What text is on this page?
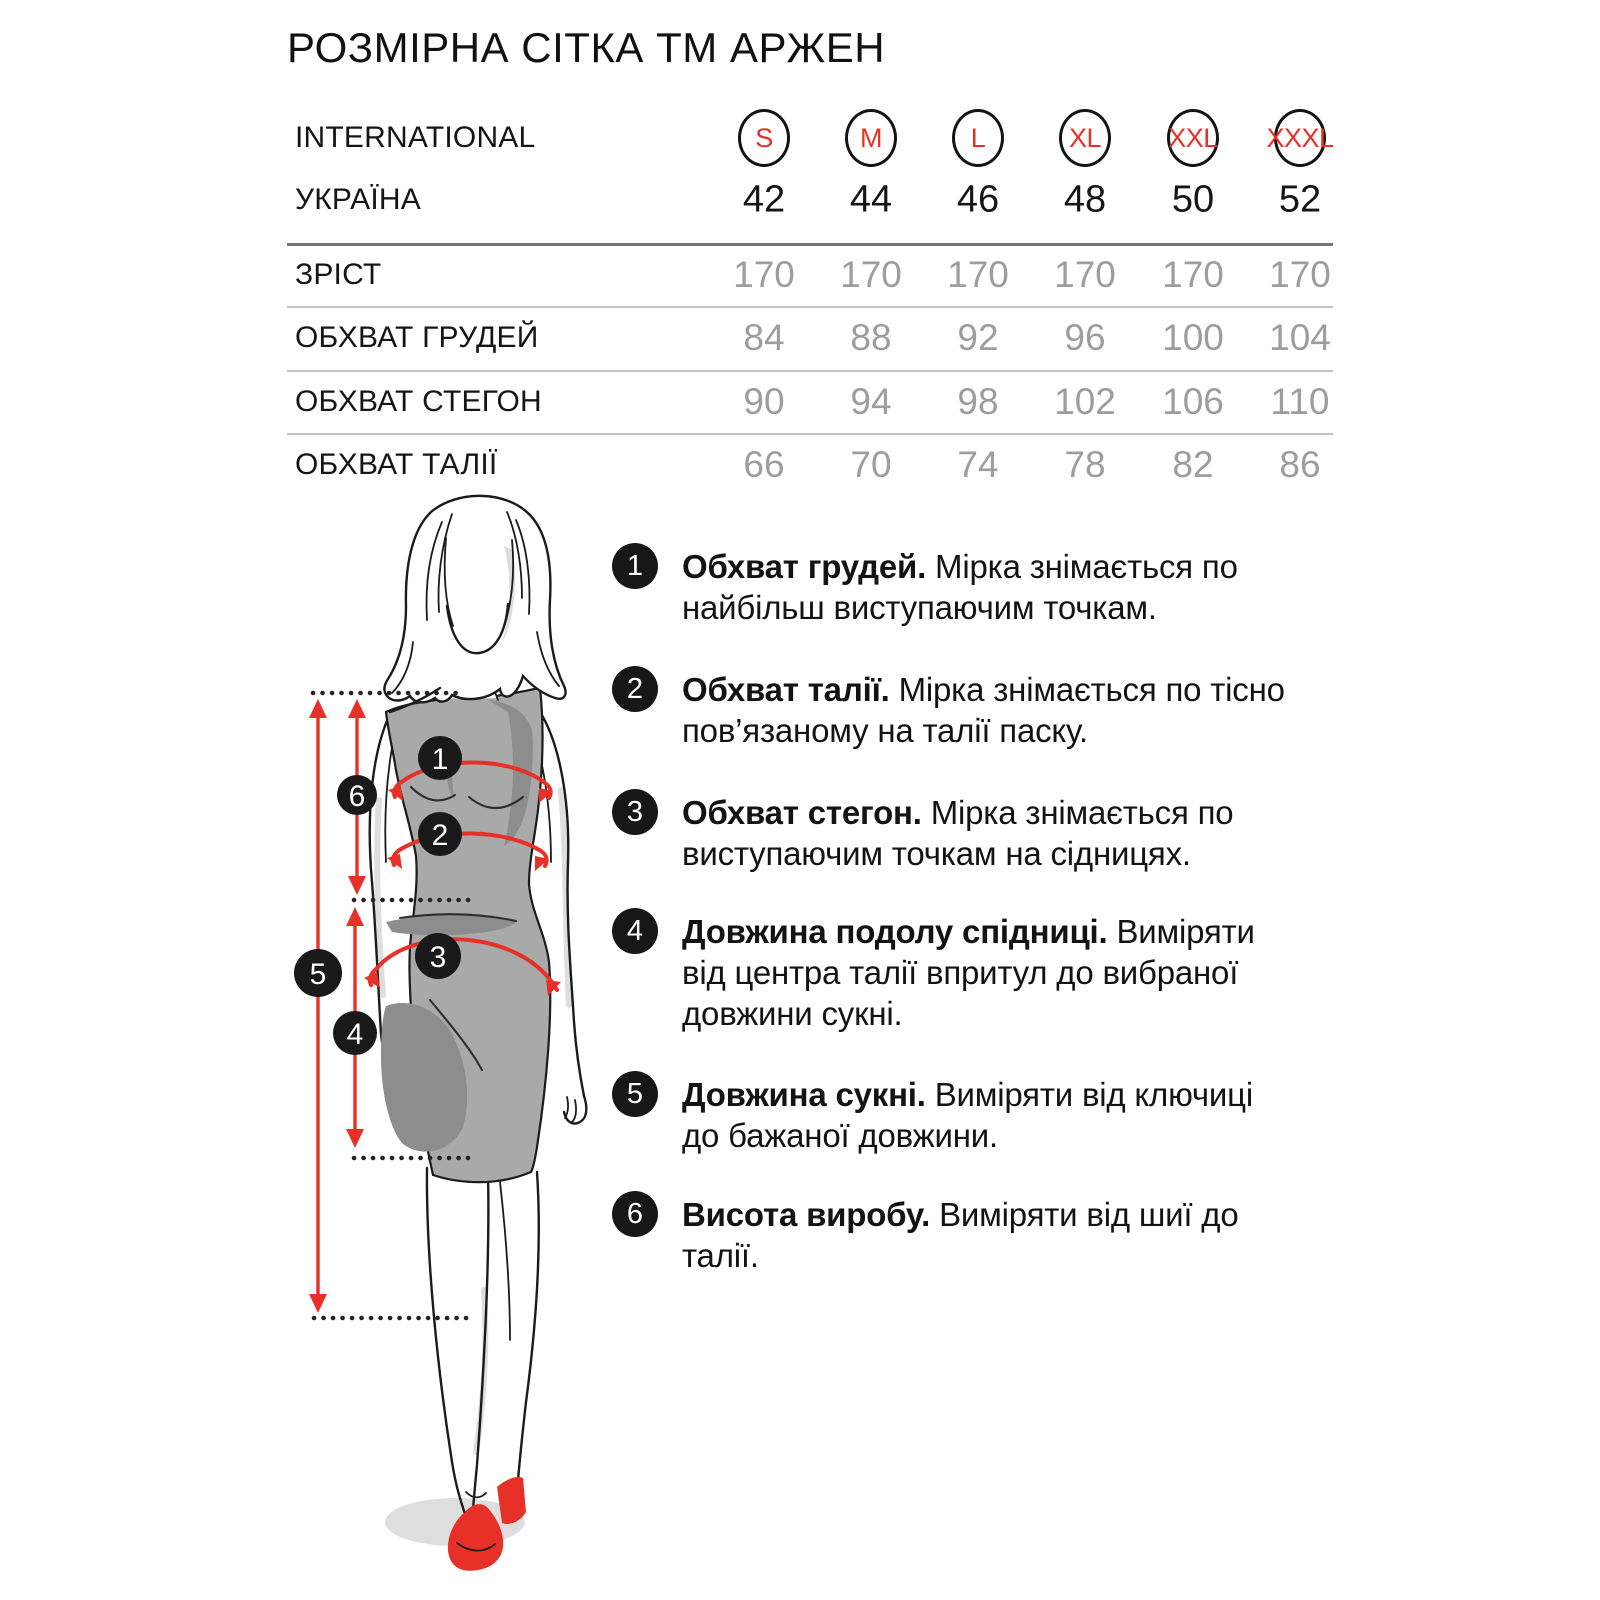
РОЗМІРНА СІТКА ТМ АРЖЕН
INTERNATIONAL	S	M	L	XL XXL XXXL
УКРАЇНА	42 44 46 48 50 52
ЗРІСТ	170 170 170 170 170 170
ОБХВАТ ГРУДЕЙ	84 88 92 96 100 104
ОБХВАТ СТЕГОН	90 94 98 102 106 110
ОБХВАТ ТАЛІЇ	66 70 74 78 82 86
1
2
3
4
5
6
1	Обхват грудей. Мірка знімається по найбільш виступаючим точкам.
2	Обхват талії. Мірка знімається по тісно пов’язаному на талії паску.
3	Обхват стегон. Мірка знімається по виступаючим точкам на сідницях.
4	Довжина подолу спідниці. Виміряти від центра талії впритул до вибраної довжини сукні.
5	Довжина сукні. Виміряти від ключиці до бажаної довжини.
6	Висота виробу. Виміряти від шиї до талії.
